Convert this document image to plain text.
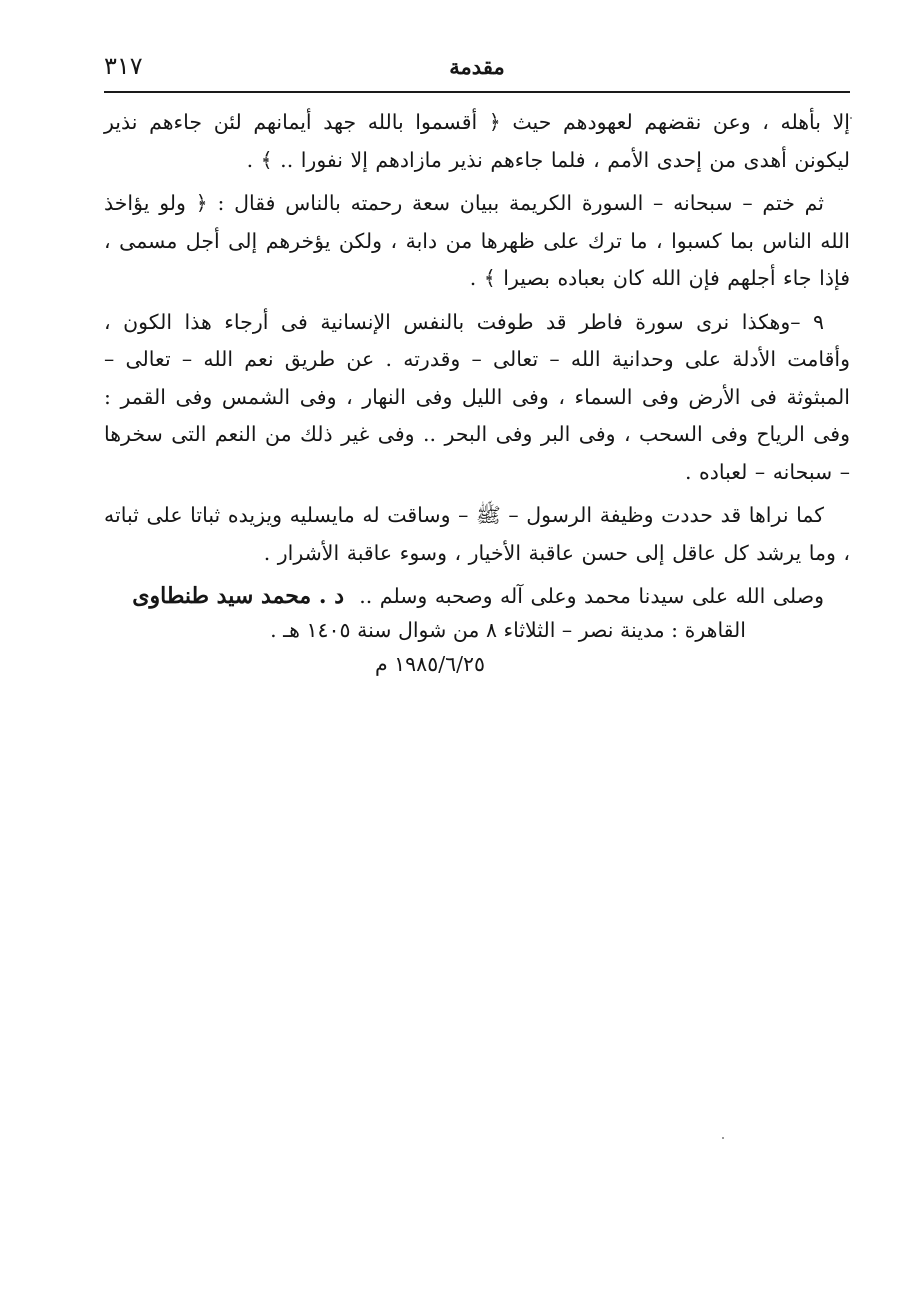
٣١٧	مقدمة

إلا بأهله ، وعن نقضهم لعهودهم حيث ﴿ أقسموا بالله جهد أيمانهم لئن جاءهم نذير ليكونن أهدى من إحدى الأمم ، فلما جاءهم نذير مازادهم إلا نفورا .. ﴾ .

ثم ختم – سبحانه – السورة الكريمة ببيان سعة رحمته بالناس فقال : ﴿ ولو يؤاخذ الله الناس بما كسبوا ، ما ترك على ظهرها من دابة ، ولكن يؤخرهم إلى أجل مسمى ، فإذا جاء أجلهم فإن الله كان بعباده بصيرا ﴾ .

٩ –وهكذا نرى سورة فاطر قد طوفت بالنفس الإنسانية فى أرجاء هذا الكون ، وأقامت الأدلة على وحدانية الله – تعالى – وقدرته . عن طريق نعم الله – تعالى – المبثوثة فى الأرض وفى السماء ، وفى الليل وفى النهار ، وفى الشمس وفى القمر : وفى الرياح وفى السحب ، وفى البر وفى البحر .. وفى غير ذلك من النعم التى سخرها – سبحانه – لعباده .

كما نراها قد حددت وظيفة الرسول – ﷺ – وساقت له مايسليه ويزيده ثباتا على ثباته ، وما يرشد كل عاقل إلى حسن عاقبة الأخيار ، وسوء عاقبة الأشرار .

وصلى الله على سيدنا محمد وعلى آله وصحبه وسلم ..

د . محمد سيد طنطاوى
القاهرة : مدينة نصر – الثلاثاء ٨ من شوال سنة ١٤٠٥ هـ .
١٩٨٥/٦/٢٥ م
